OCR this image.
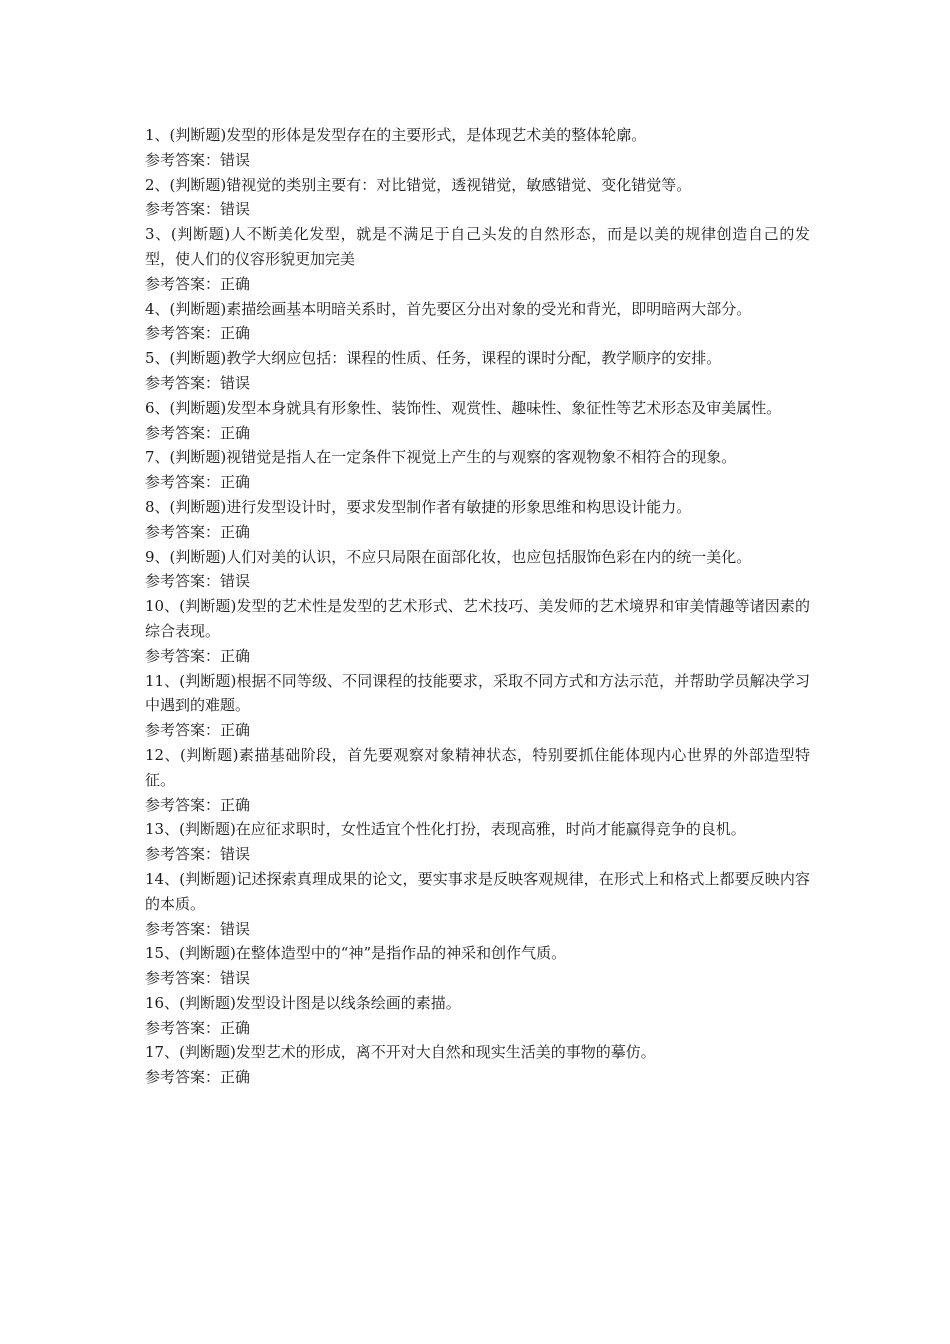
1、(判断题)发型的形体是发型存在的主要形式，是体现艺术美的整体轮廓。

参考答案：错误

2、(判断题)错视觉的类别主要有：对比错觉，透视错觉，敏感错觉、变化错觉等。

参考答案：错误

3、(判断题)人不断美化发型，就是不满足于自己头发的自然形态，而是以美的规律创造自己的发型，使人们的仪容形貌更加完美

参考答案：正确

4、(判断题)素描绘画基本明暗关系时，首先要区分出对象的受光和背光，即明暗两大部分。

参考答案：正确

5、(判断题)教学大纲应包括：课程的性质、任务，课程的课时分配，教学顺序的安排。

参考答案：错误

6、(判断题)发型本身就具有形象性、装饰性、观赏性、趣味性、象征性等艺术形态及审美属性。

参考答案：正确

7、(判断题)视错觉是指人在一定条件下视觉上产生的与观察的客观物象不相符合的现象。

参考答案：正确

8、(判断题)进行发型设计时，要求发型制作者有敏捷的形象思维和构思设计能力。

参考答案：正确

9、(判断题)人们对美的认识，不应只局限在面部化妆，也应包括服饰色彩在内的统一美化。

参考答案：错误

10、(判断题)发型的艺术性是发型的艺术形式、艺术技巧、美发师的艺术境界和审美情趣等诸因素的综合表现。

参考答案：正确

11、(判断题)根据不同等级、不同课程的技能要求，采取不同方式和方法示范，并帮助学员解决学习中遇到的难题。

参考答案：正确

12、(判断题)素描基础阶段，首先要观察对象精神状态，特别要抓住能体现内心世界的外部造型特征。

参考答案：正确

13、(判断题)在应征求职时，女性适宜个性化打扮，表现高雅，时尚才能赢得竞争的良机。

参考答案：错误

14、(判断题)记述探索真理成果的论文，要实事求是反映客观规律，在形式上和格式上都要反映内容的本质。

参考答案：错误

15、(判断题)在整体造型中的“神”是指作品的神采和创作气质。

参考答案：错误

16、(判断题)发型设计图是以线条绘画的素描。

参考答案：正确

17、(判断题)发型艺术的形成，离不开对大自然和现实生活美的事物的摹仿。

参考答案：正确
